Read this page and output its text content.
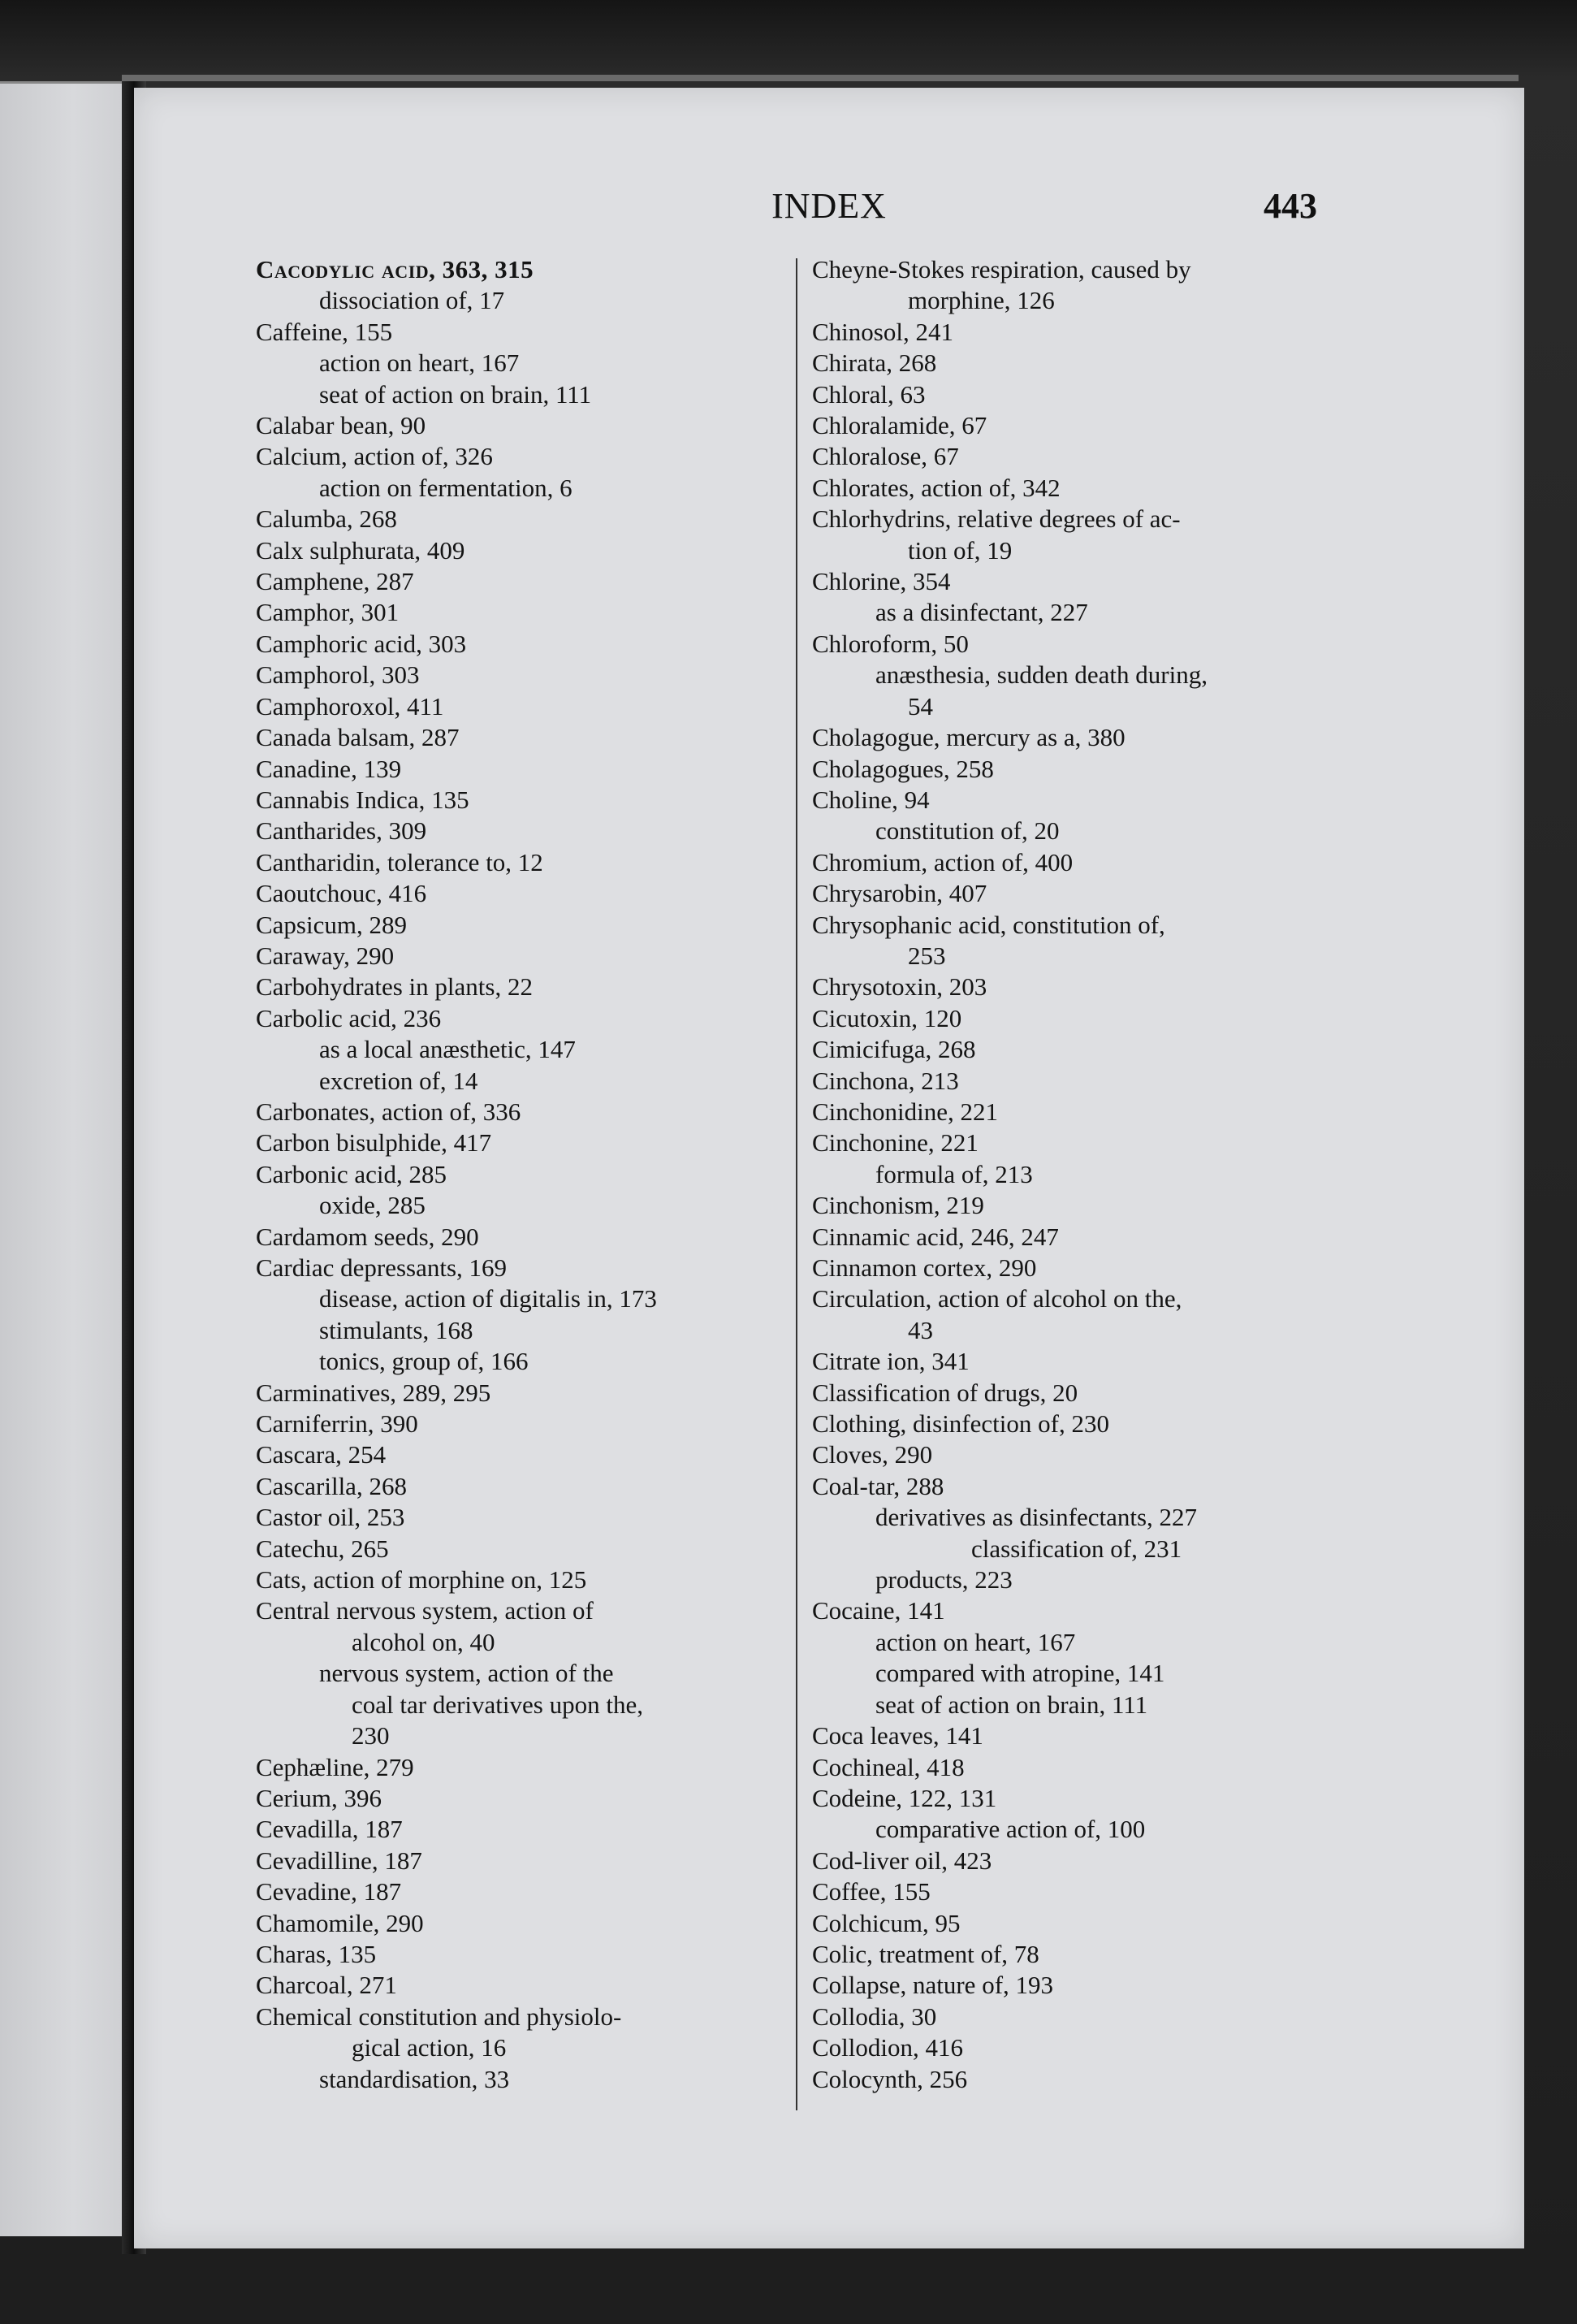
INDEX	443
Cacodylic acid, 363, 315
dissociation of, 17
Caffeine, 155
action on heart, 167
seat of action on brain, 111
Calabar bean, 90
Calcium, action of, 326
action on fermentation, 6
Calumba, 268
Calx sulphurata, 409
Camphene, 287
Camphor, 301
Camphoric acid, 303
Camphorol, 303
Camphoroxol, 411
Canada balsam, 287
Canadine, 139
Cannabis Indica, 135
Cantharides, 309
Cantharidin, tolerance to, 12
Caoutchouc, 416
Capsicum, 289
Caraway, 290
Carbohydrates in plants, 22
Carbolic acid, 236
as a local anæsthetic, 147
excretion of, 14
Carbonates, action of, 336
Carbon bisulphide, 417
Carbonic acid, 285
oxide, 285
Cardamom seeds, 290
Cardiac depressants, 169
disease, action of digitalis in, 173
stimulants, 168
tonics, group of, 166
Carminatives, 289, 295
Carniferrin, 390
Cascara, 254
Cascarilla, 268
Castor oil, 253
Catechu, 265
Cats, action of morphine on, 125
Central nervous system, action of
alcohol on, 40
nervous system, action of the
coal tar derivatives upon the,
230
Cephæline, 279
Cerium, 396
Cevadilla, 187
Cevadilline, 187
Cevadine, 187
Chamomile, 290
Charas, 135
Charcoal, 271
Chemical constitution and physiolo-
gical action, 16
standardisation, 33
Cheyne-Stokes respiration, caused by
morphine, 126
Chinosol, 241
Chirata, 268
Chloral, 63
Chloralamide, 67
Chloralose, 67
Chlorates, action of, 342
Chlorhydrins, relative degrees of ac-
tion of, 19
Chlorine, 354
as a disinfectant, 227
Chloroform, 50
anæsthesia, sudden death during,
54
Cholagogue, mercury as a, 380
Cholagogues, 258
Choline, 94
constitution of, 20
Chromium, action of, 400
Chrysarobin, 407
Chrysophanic acid, constitution of,
253
Chrysotoxin, 203
Cicutoxin, 120
Cimicifuga, 268
Cinchona, 213
Cinchonidine, 221
Cinchonine, 221
formula of, 213
Cinchonism, 219
Cinnamic acid, 246, 247
Cinnamon cortex, 290
Circulation, action of alcohol on the,
43
Citrate ion, 341
Classification of drugs, 20
Clothing, disinfection of, 230
Cloves, 290
Coal-tar, 288
derivatives as disinfectants, 227
classification of, 231
products, 223
Cocaine, 141
action on heart, 167
compared with atropine, 141
seat of action on brain, 111
Coca leaves, 141
Cochineal, 418
Codeine, 122, 131
comparative action of, 100
Cod-liver oil, 423
Coffee, 155
Colchicum, 95
Colic, treatment of, 78
Collapse, nature of, 193
Collodia, 30
Collodion, 416
Colocynth, 256
